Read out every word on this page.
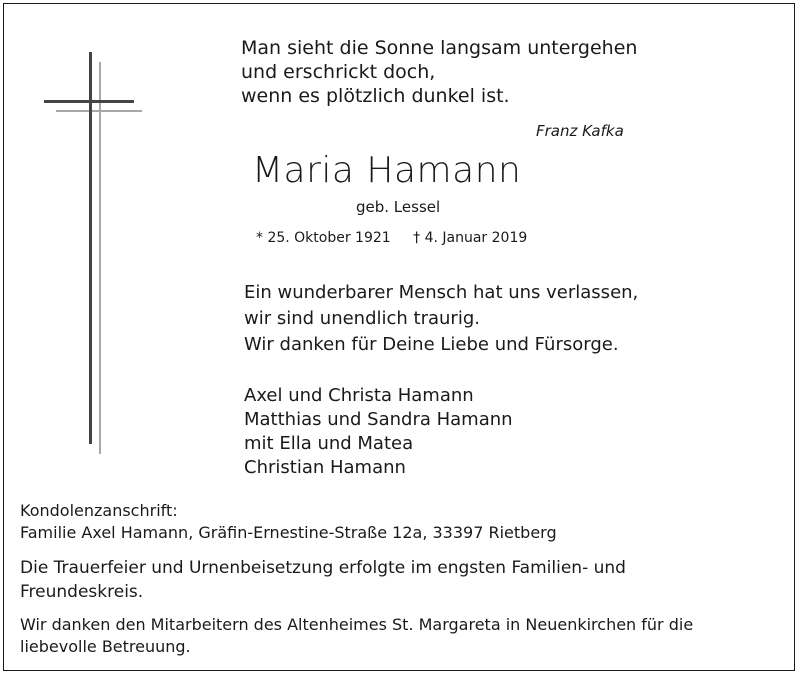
Man sieht die Sonne langsam untergehen
und erschrickt doch,
wenn es plötzlich dunkel ist.
Franz Kafka
Maria Hamann
geb. Lessel
* 25. Oktober 1921 † 4. Januar 2019
Ein wunderbarer Mensch hat uns verlassen,
wir sind unendlich traurig.
Wir danken für Deine Liebe und Fürsorge.
Axel und Christa Hamann
Matthias und Sandra Hamann
mit Ella und Matea
Christian Hamann
Kondolenzanschrift:
Familie Axel Hamann, Gräfin-Ernestine-Straße 12a, 33397 Rietberg
Die Trauerfeier und Urnenbeisetzung erfolgte im engsten Familien- und Freundeskreis.
Wir danken den Mitarbeitern des Altenheimes St. Margareta in Neuenkirchen für die liebevolle Betreuung.
